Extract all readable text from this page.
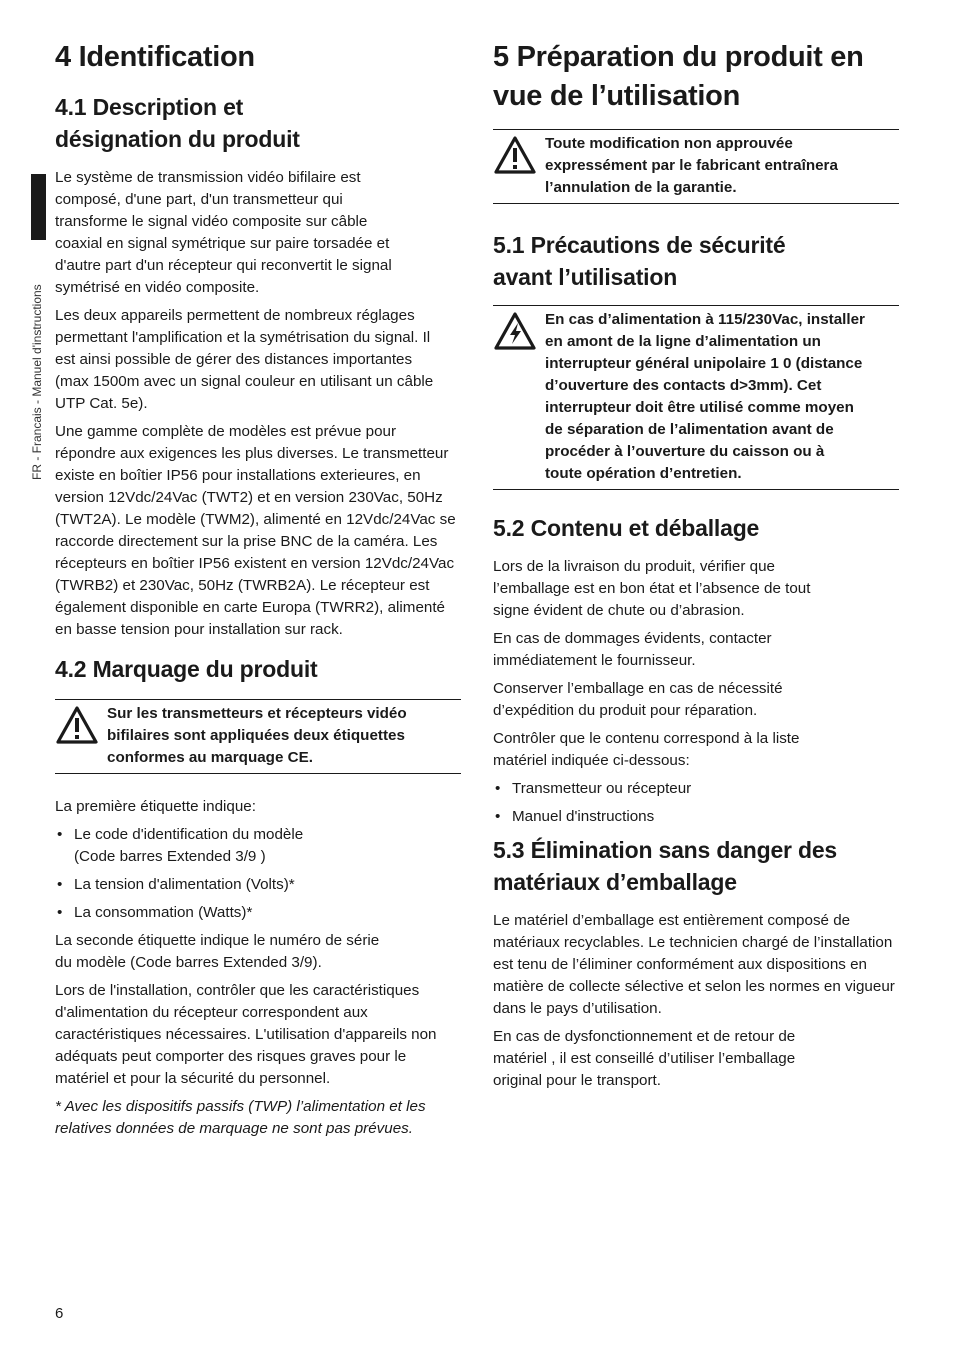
FR - Francais - Manuel d'instructions
4 Identification
4.1 Description et désignation du produit

Le système de transmission vidéo bifilaire est composé, d'une part, d'un transmetteur qui transforme le signal vidéo composite sur câble coaxial en signal symétrique sur paire torsadée et d'autre part d'un récepteur qui reconvertit le signal symétrisé en vidéo composite.

Les deux appareils permettent de nombreux réglages permettant l'amplification et la symétrisation du signal. Il est ainsi possible de gérer des distances importantes (max 1500m avec un signal couleur en utilisant un câble UTP Cat. 5e).

Une gamme complète de modèles est prévue pour répondre aux exigences les plus diverses. Le transmetteur existe en boîtier IP56 pour installations exterieures, en version 12Vdc/24Vac (TWT2) et en version 230Vac, 50Hz (TWT2A). Le modèle (TWM2), alimenté en 12Vdc/24Vac se raccorde directement sur la prise BNC de la caméra. Les récepteurs en boîtier IP56 existent en version 12Vdc/24Vac (TWRB2) et 230Vac, 50Hz (TWRB2A). Le récepteur est également disponible en carte Europa (TWRR2), alimenté en basse tension pour installation sur rack.

4.2 Marquage du produit
Sur les transmetteurs et récepteurs vidéo bifilaires sont appliquées deux étiquettes conformes au marquage CE.

La première étiquette indique:

• Le code d'identification du modèle (Code barres Extended 3/9 )
• La tension d'alimentation (Volts)*
• La consommation (Watts)*

La seconde étiquette indique le numéro de série du modèle (Code barres Extended 3/9).

Lors de l'installation, contrôler que les caractéristiques d'alimentation du récepteur correspondent aux caractéristiques nécessaires. L'utilisation d'appareils non adéquats peut comporter des risques graves pour le matériel et pour la sécurité du personnel.

* Avec les dispositifs passifs (TWP) l’alimentation et les relatives données de marquage ne sont pas prévues.

5 Préparation du produit en vue de l’utilisation
Toute modification non approuvée expressément par le fabricant entraînera l’annulation de la garantie.
5.1 Précautions de sécurité avant l’utilisation
En cas d’alimentation à 115/230Vac, installer en amont de la ligne d’alimentation un interrupteur général unipolaire 1 0 (distance d’ouverture des contacts d>3mm). Cet interrupteur doit être utilisé comme moyen de séparation de l’alimentation avant de procéder à l’ouverture du caisson ou à toute opération d’entretien.
5.2 Contenu et déballage

Lors de la livraison du produit, vérifier que l’emballage est en bon état et l’absence de tout signe évident de chute ou d’abrasion.

En cas de dommages évidents, contacter immédiatement le fournisseur.

Conserver l’emballage en cas de nécessité d’expédition du produit pour réparation.

Contrôler que le contenu correspond à la liste matériel indiquée ci-dessous:

• Transmetteur ou récepteur
• Manuel d'instructions
5.3 Élimination sans danger des matériaux d’emballage

Le matériel d’emballage est entièrement composé de matériaux recyclables. Le technicien chargé de l’installation est tenu de l’éliminer conformément aux dispositions en matière de collecte sélective et selon les normes en vigueur dans le pays d’utilisation.

En cas de dysfonctionnement et de retour de matériel , il est conseillé d’utiliser l’emballage original pour le transport.

6
